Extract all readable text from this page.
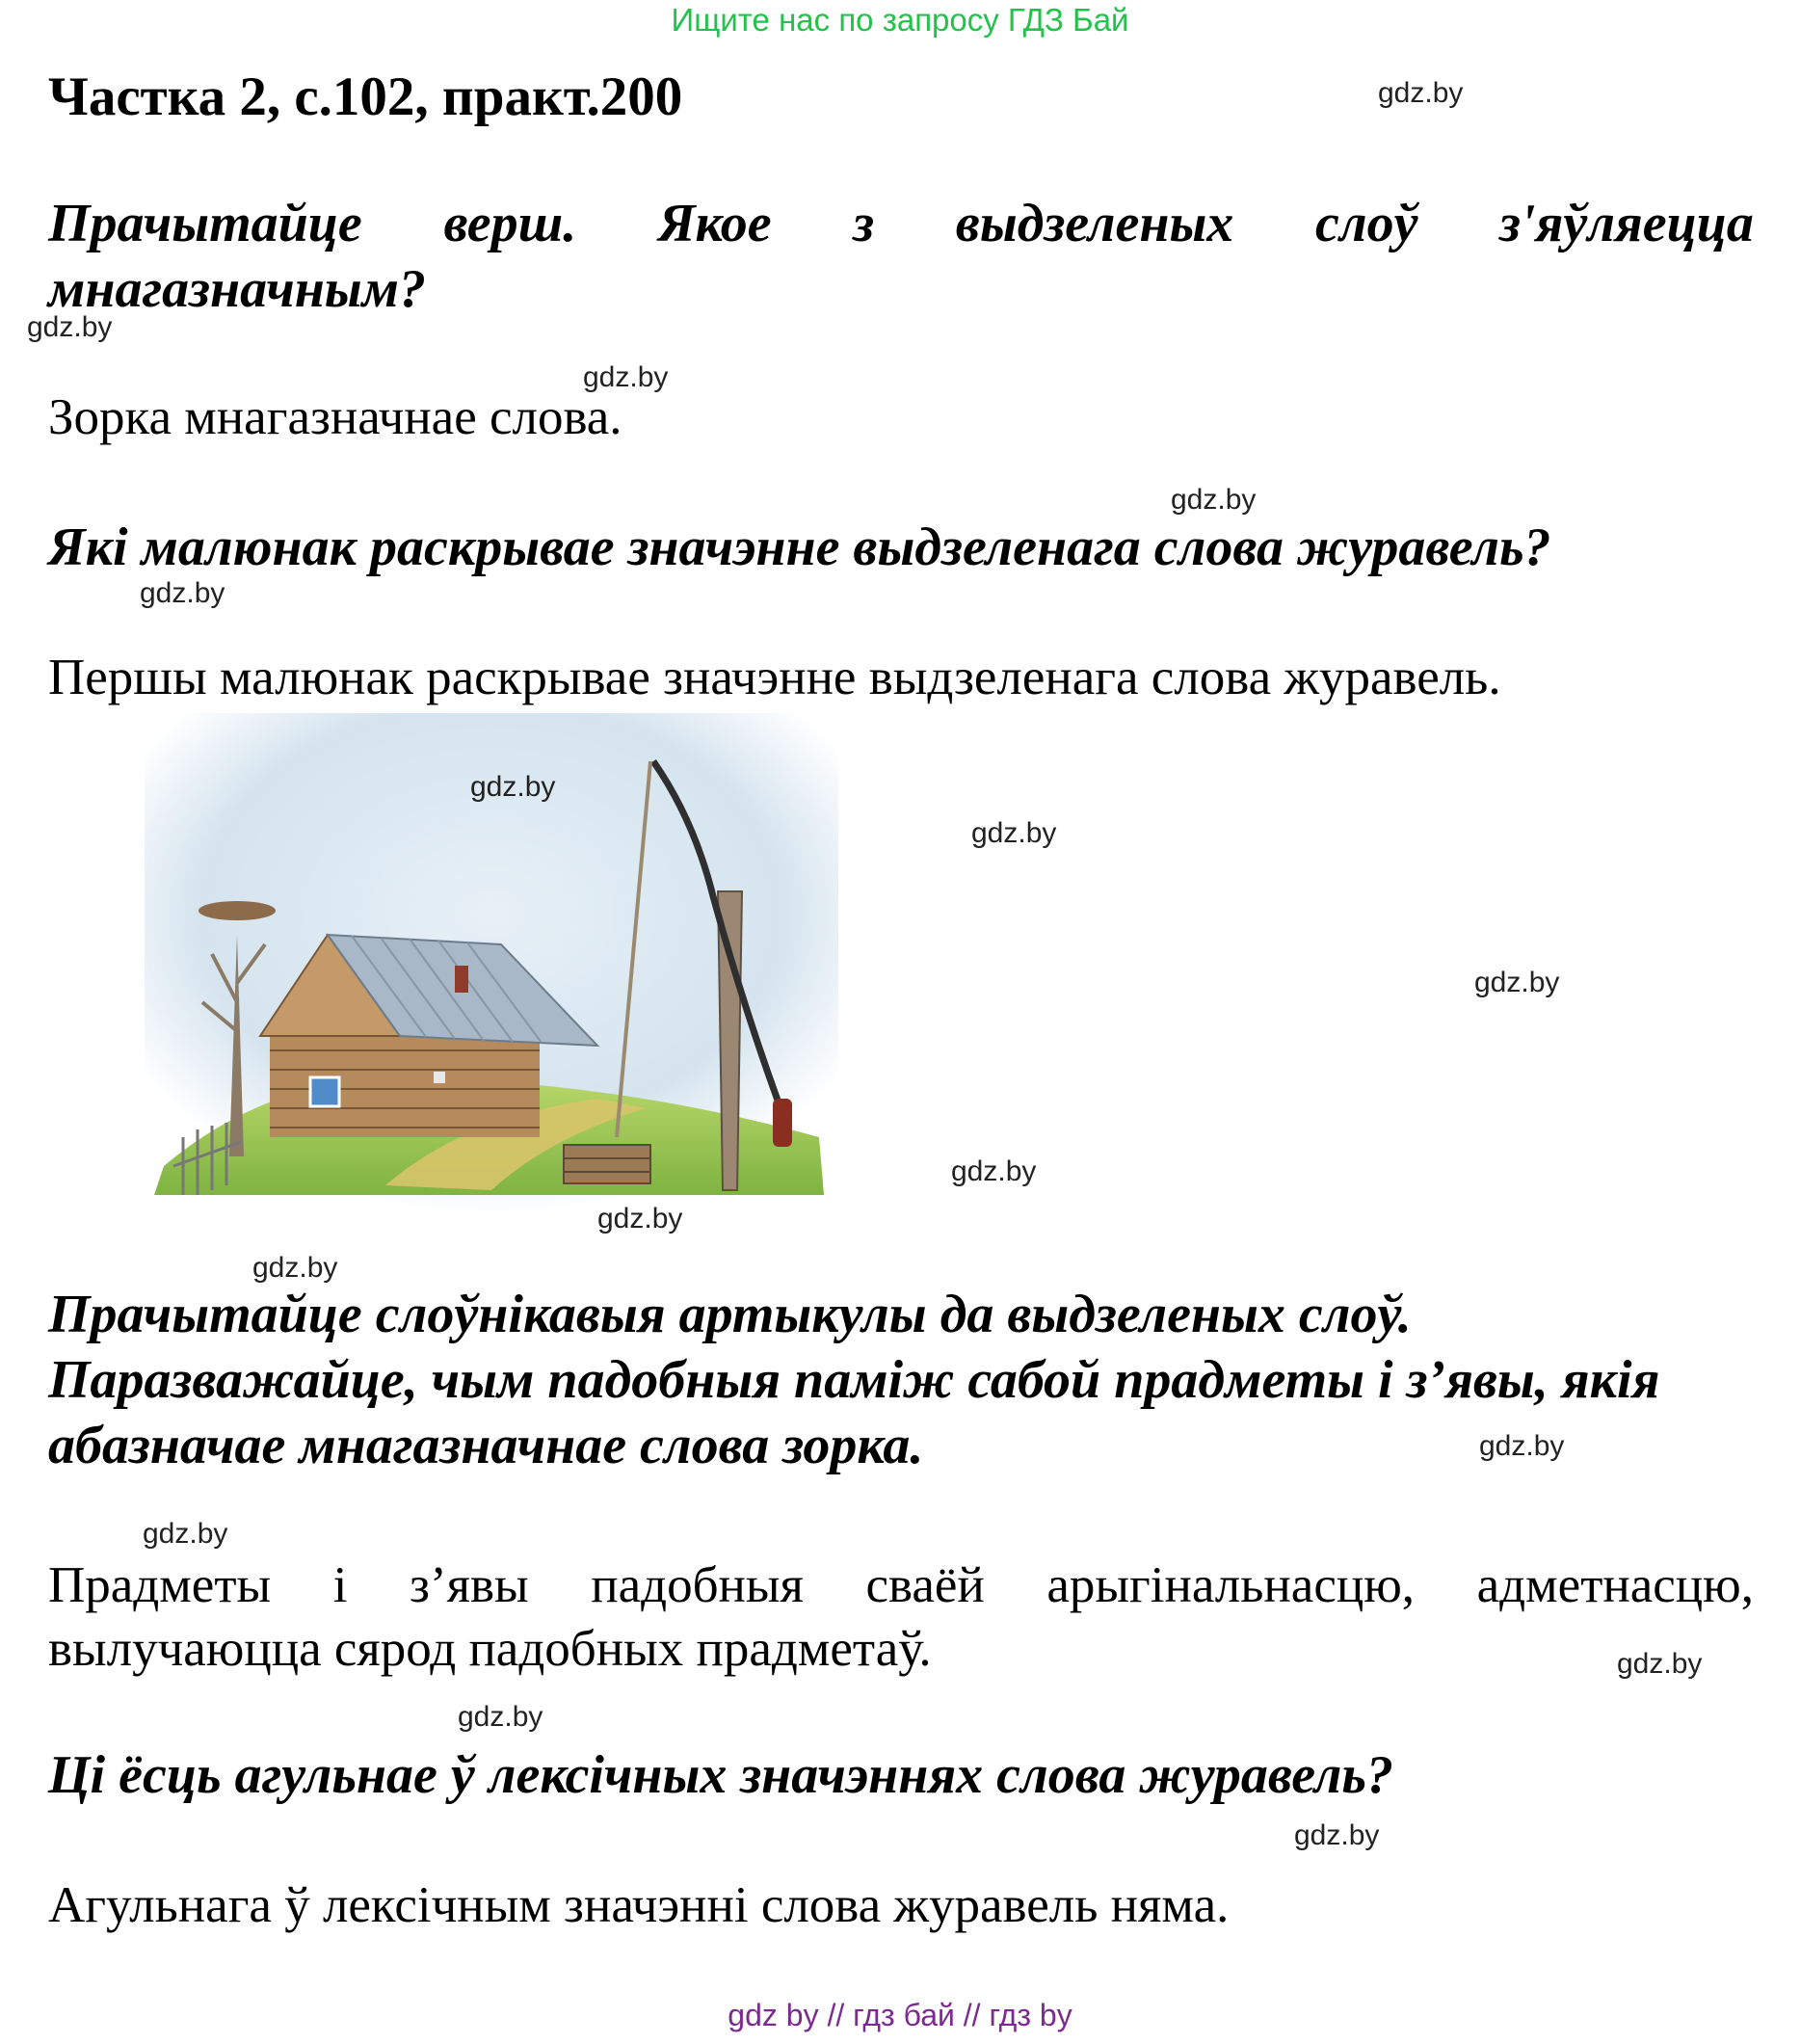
Ищите нас по запросу ГДЗ Бай
Частка 2, с.102, практ.200
Прачытайце верш. Якое з выдзеленых слоў з'яўляецца
мнагазначным?
Зорка мнагазначнае слова.
Які малюнак раскрывае значэнне выдзеленага слова журавель?
Першы малюнак раскрывае значэнне выдзеленага слова журавель.
Прачытайце слоўнікавыя артыкулы да выдзеленых слоў.
Паразважайце, чым падобныя паміж сабой прадметы і з’явы, якія
абазначае мнагазначнае слова зорка.
Прадметы і з’явы падобныя сваёй арыгінальнасцю, адметнасцю,
вылучаюцца сярод падобных прадметаў.
Ці ёсць агульнае ў лексічных значэннях слова журавель?
Агульнага ў лексічным значэнні слова журавель няма.
gdz.by
gdz.by
gdz.by
gdz.by
gdz.by
gdz.by
gdz.by
gdz.by
gdz.by
gdz.by
gdz.by
gdz.by
gdz.by
gdz.by
gdz.by
gdz.by
gdz by // гдз бай // гдз by
